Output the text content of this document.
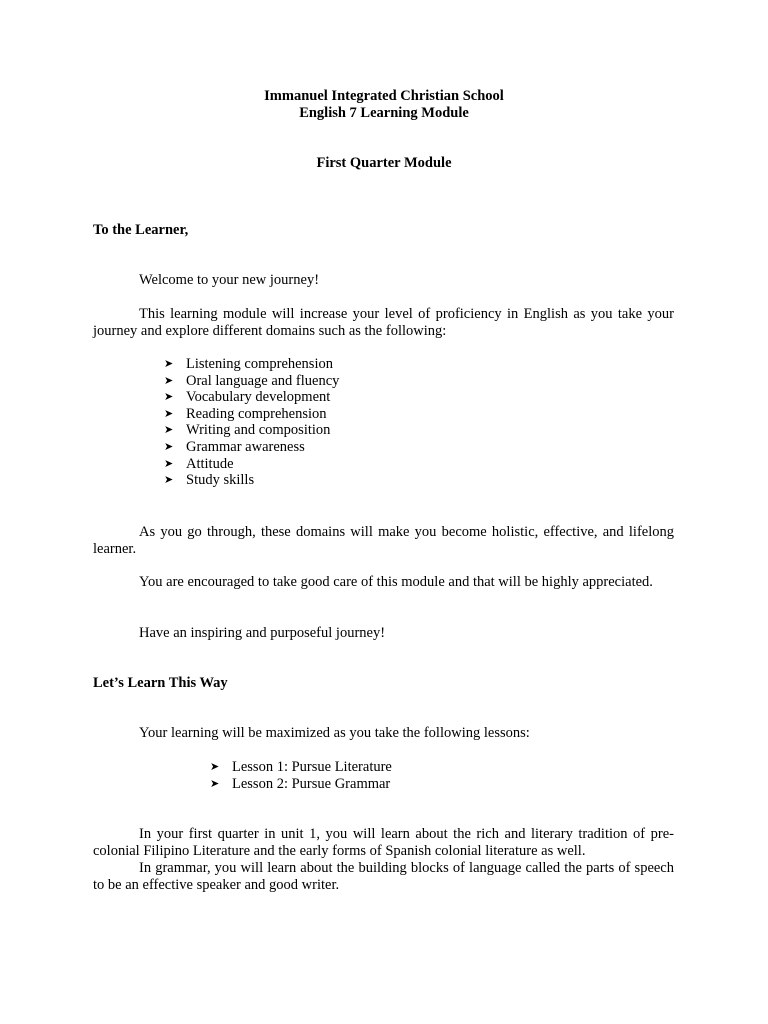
Immanuel Integrated Christian School
English 7 Learning Module
First Quarter Module
To the Learner,

Welcome to your new journey!

This learning module will increase your level of proficiency in English as you take your journey and explore different domains such as the following:

➤ Listening comprehension
➤ Oral language and fluency
➤ Vocabulary development
➤ Reading comprehension
➤ Writing and composition
➤ Grammar awareness
➤ Attitude
➤ Study skills

As you go through, these domains will make you become holistic, effective, and lifelong learner.

You are encouraged to take good care of this module and that will be highly appreciated.

Have an inspiring and purposeful journey!

Let’s Learn This Way

Your learning will be maximized as you take the following lessons:

➤ Lesson 1: Pursue Literature
➤ Lesson 2: Pursue Grammar

In your first quarter in unit 1, you will learn about the rich and literary tradition of pre-colonial Filipino Literature and the early forms of Spanish colonial literature as well.

In grammar, you will learn about the building blocks of language called the parts of speech to be an effective speaker and good writer.
